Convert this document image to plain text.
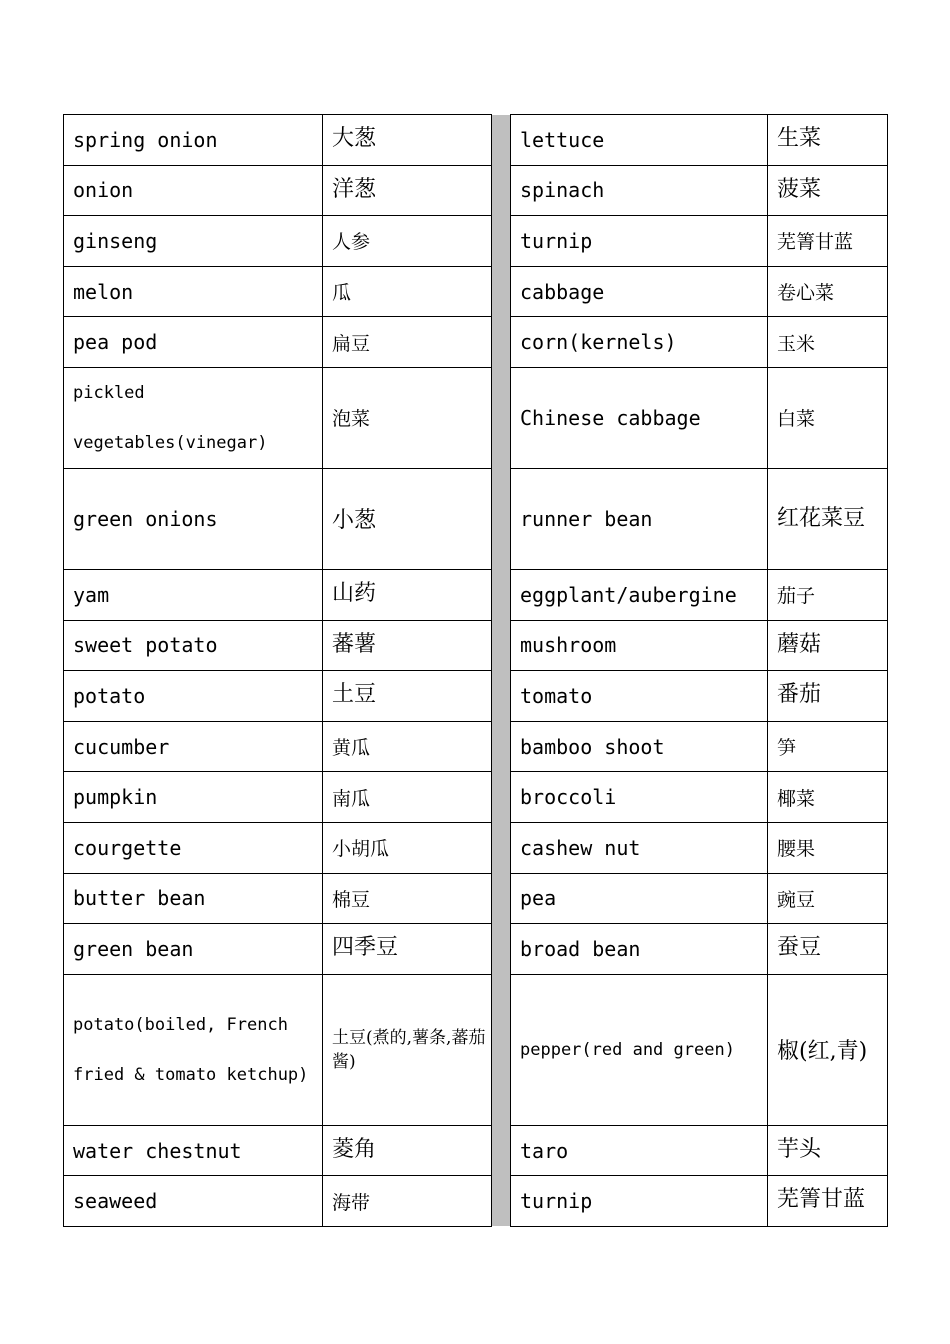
spring onion	大葱		lettuce	生菜
onion	洋葱		spinach	菠菜
ginseng	人参		turnip	芜箐甘蓝
melon	瓜		cabbage	卷心菜
pea pod	扁豆		corn(kernels)	玉米
pickled vegetables(vinegar)	泡菜		Chinese cabbage	白菜
green onions	小葱		runner bean	红花菜豆
yam	山药		eggplant/aubergine	茄子
sweet potato	蕃薯		mushroom	蘑菇
potato	土豆		tomato	番茄
cucumber	黄瓜		bamboo shoot	笋
pumpkin	南瓜		broccoli	椰菜
courgette	小胡瓜		cashew nut	腰果
butter bean	棉豆		pea	豌豆
green bean	四季豆		broad bean	蚕豆
potato(boiled, French fried & tomato ketchup)	土豆(煮的,薯条,蕃茄酱)		pepper(red and green)	椒(红,青)
water chestnut	菱角		taro	芋头
seaweed	海带		turnip	芜箐甘蓝
